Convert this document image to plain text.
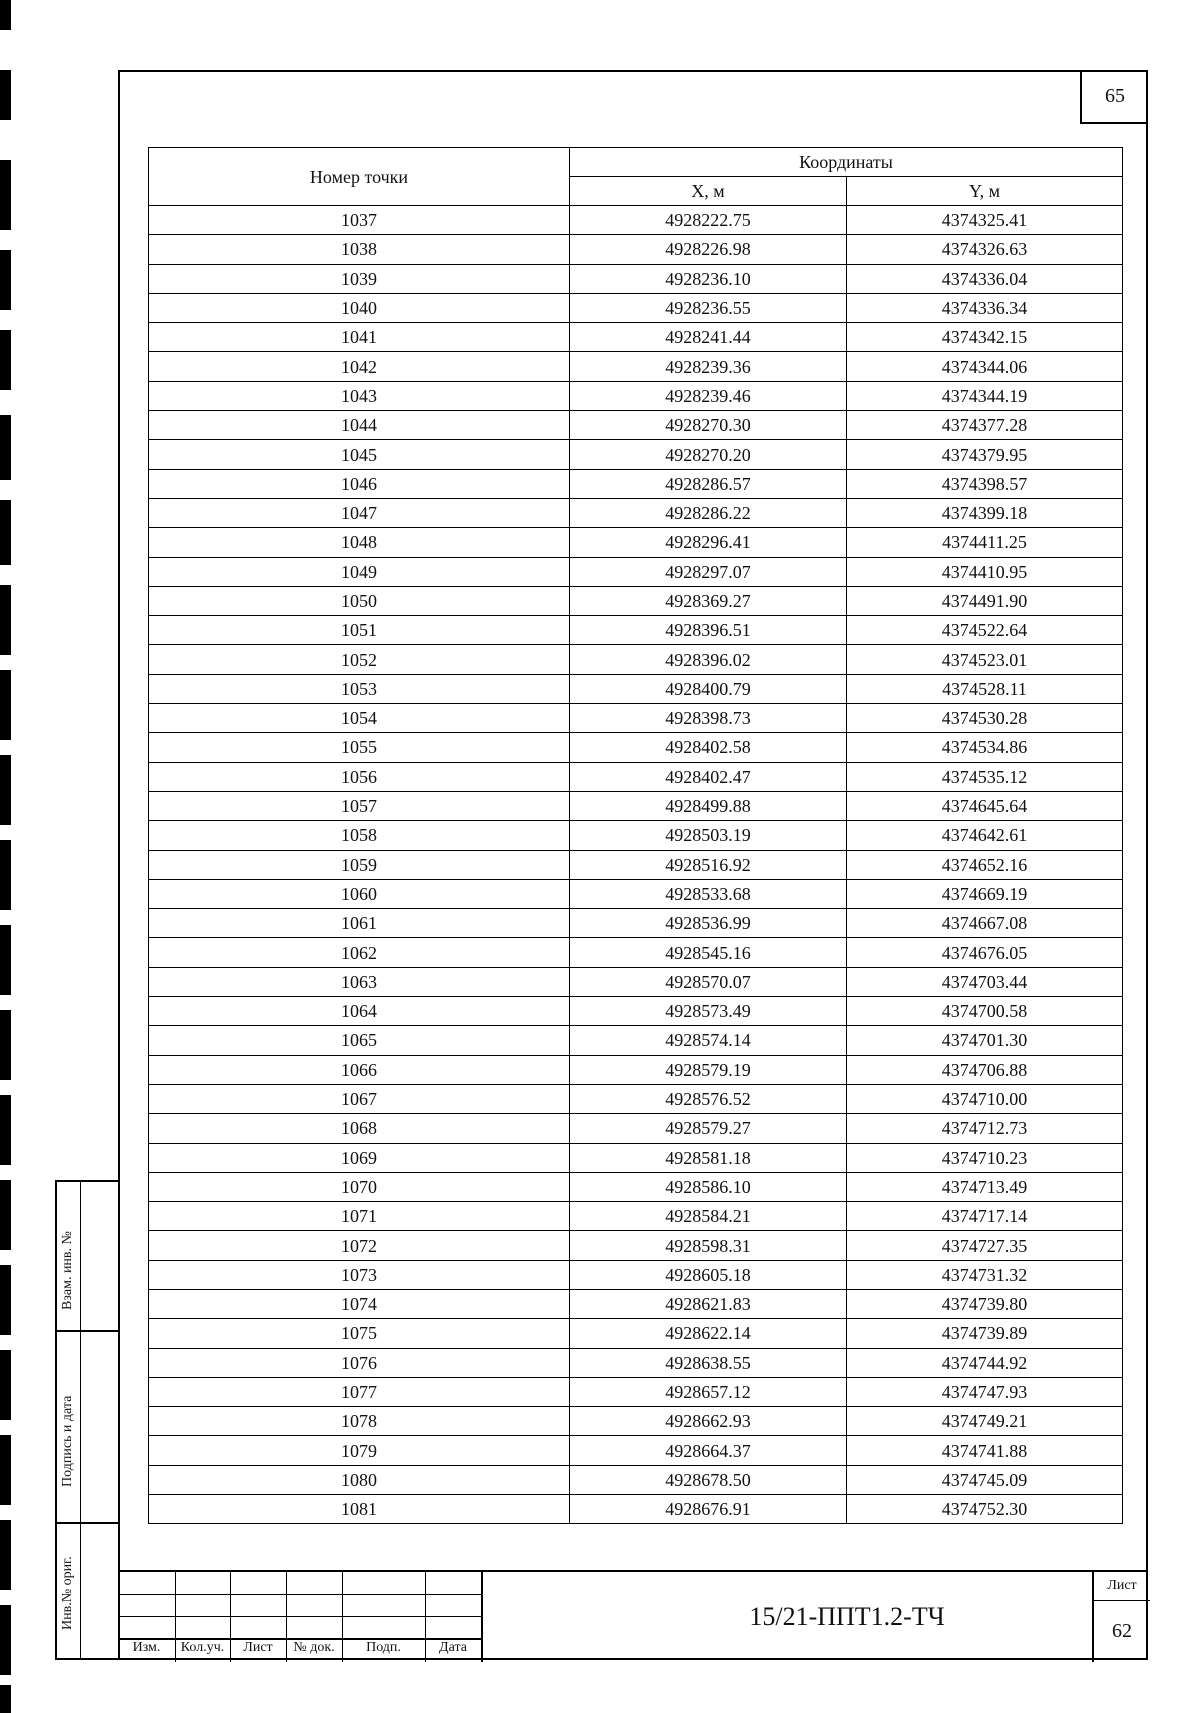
65
Взам. инв. №
Подпись и дата
Инв.№ ориг.
Номер точки	Координаты	
	X, м	Y, м
1037	4928222.75	4374325.41
1038	4928226.98	4374326.63
1039	4928236.10	4374336.04
1040	4928236.55	4374336.34
1041	4928241.44	4374342.15
1042	4928239.36	4374344.06
1043	4928239.46	4374344.19
1044	4928270.30	4374377.28
1045	4928270.20	4374379.95
1046	4928286.57	4374398.57
1047	4928286.22	4374399.18
1048	4928296.41	4374411.25
1049	4928297.07	4374410.95
1050	4928369.27	4374491.90
1051	4928396.51	4374522.64
1052	4928396.02	4374523.01
1053	4928400.79	4374528.11
1054	4928398.73	4374530.28
1055	4928402.58	4374534.86
1056	4928402.47	4374535.12
1057	4928499.88	4374645.64
1058	4928503.19	4374642.61
1059	4928516.92	4374652.16
1060	4928533.68	4374669.19
1061	4928536.99	4374667.08
1062	4928545.16	4374676.05
1063	4928570.07	4374703.44
1064	4928573.49	4374700.58
1065	4928574.14	4374701.30
1066	4928579.19	4374706.88
1067	4928576.52	4374710.00
1068	4928579.27	4374712.73
1069	4928581.18	4374710.23
1070	4928586.10	4374713.49
1071	4928584.21	4374717.14
1072	4928598.31	4374727.35
1073	4928605.18	4374731.32
1074	4928621.83	4374739.80
1075	4928622.14	4374739.89
1076	4928638.55	4374744.92
1077	4928657.12	4374747.93
1078	4928662.93	4374749.21
1079	4928664.37	4374741.88
1080	4928678.50	4374745.09
1081	4928676.91	4374752.30
Изм.	Кол.уч.	Лист	№ док.	Подп.	Дата
15/21-ППТ1.2-ТЧ
Лист
62
